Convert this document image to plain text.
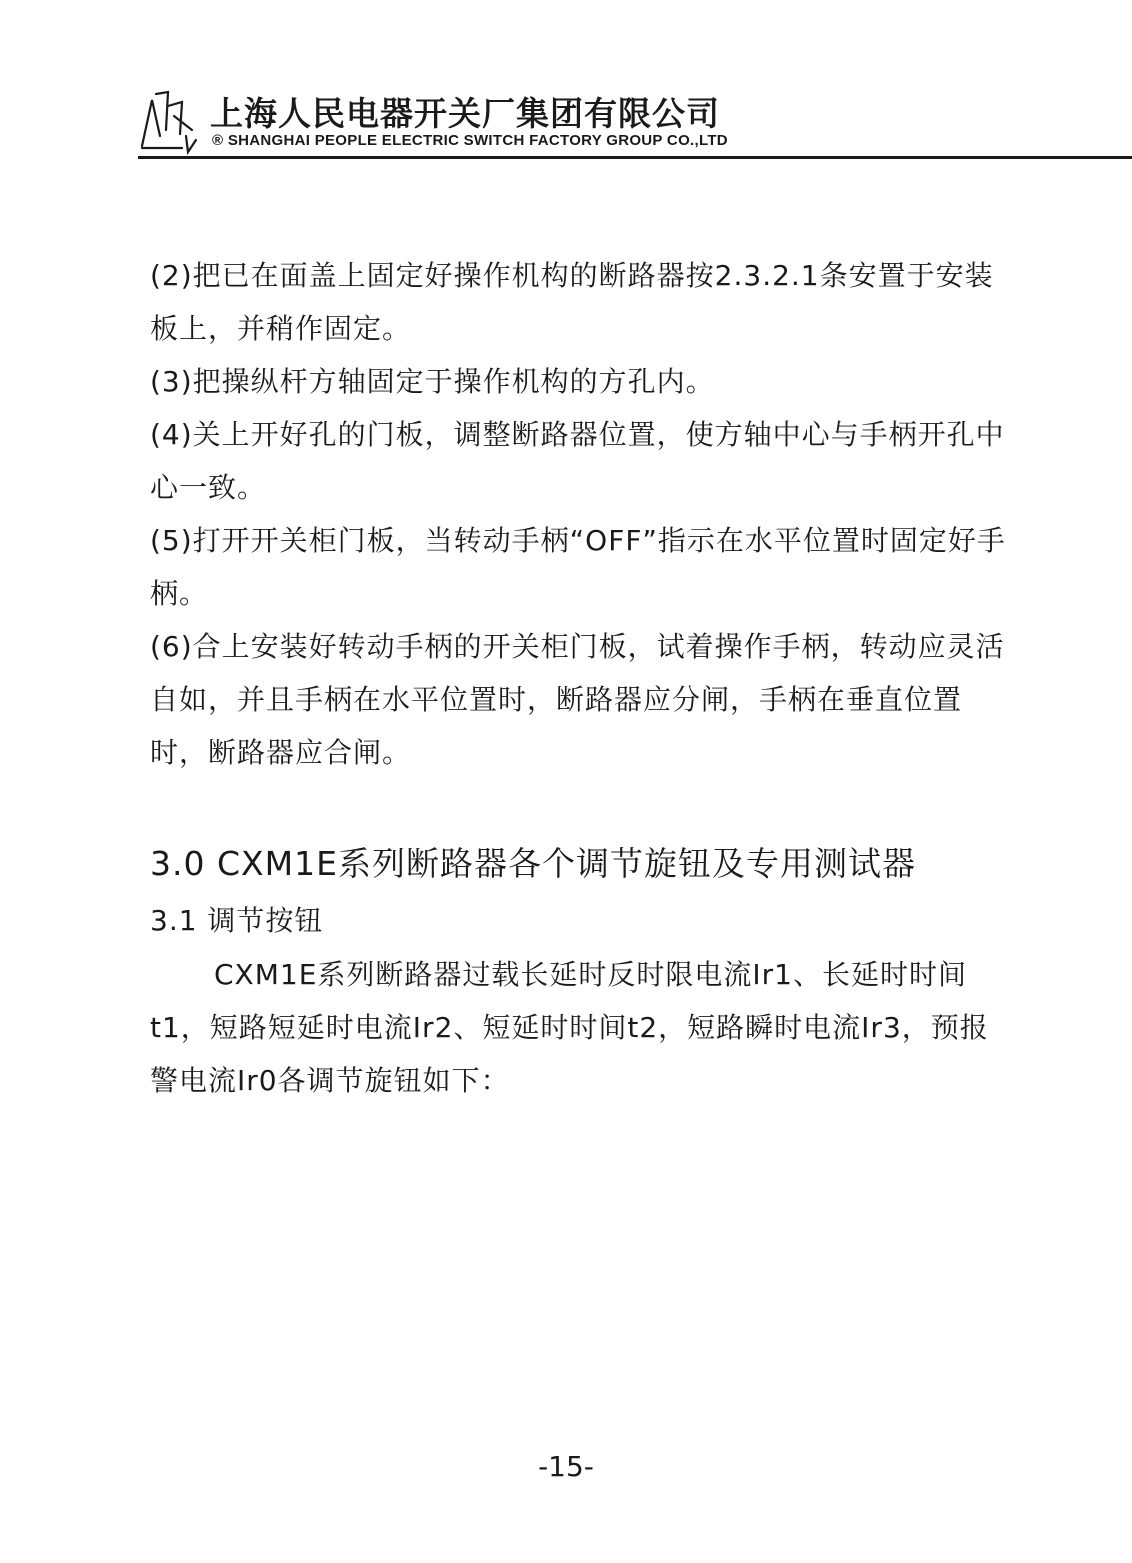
上海人民电器开关厂集团有限公司
® SHANGHAI PEOPLE ELECTRIC SWITCH FACTORY GROUP CO.,LTD

(2)把已在面盖上固定好操作机构的断路器按2.3.2.1条安置于安装板上，并稍作固定。

(3)把操纵杆方轴固定于操作机构的方孔内。

(4)关上开好孔的门板，调整断路器位置，使方轴中心与手柄开孔中心一致。

(5)打开开关柜门板，当转动手柄“OFF”指示在水平位置时固定好手柄。

(6)合上安装好转动手柄的开关柜门板，试着操作手柄，转动应灵活自如，并且手柄在水平位置时，断路器应分闸，手柄在垂直位置时，断路器应合闸。

3.0 CXM1E系列断路器各个调节旋钮及专用测试器
3.1 调节按钮

CXM1E系列断路器过载长延时反时限电流Ir1、长延时时间t1，短路短延时电流Ir2、短延时时间t2，短路瞬时电流Ir3，预报警电流Ir0各调节旋钮如下：

-15-
